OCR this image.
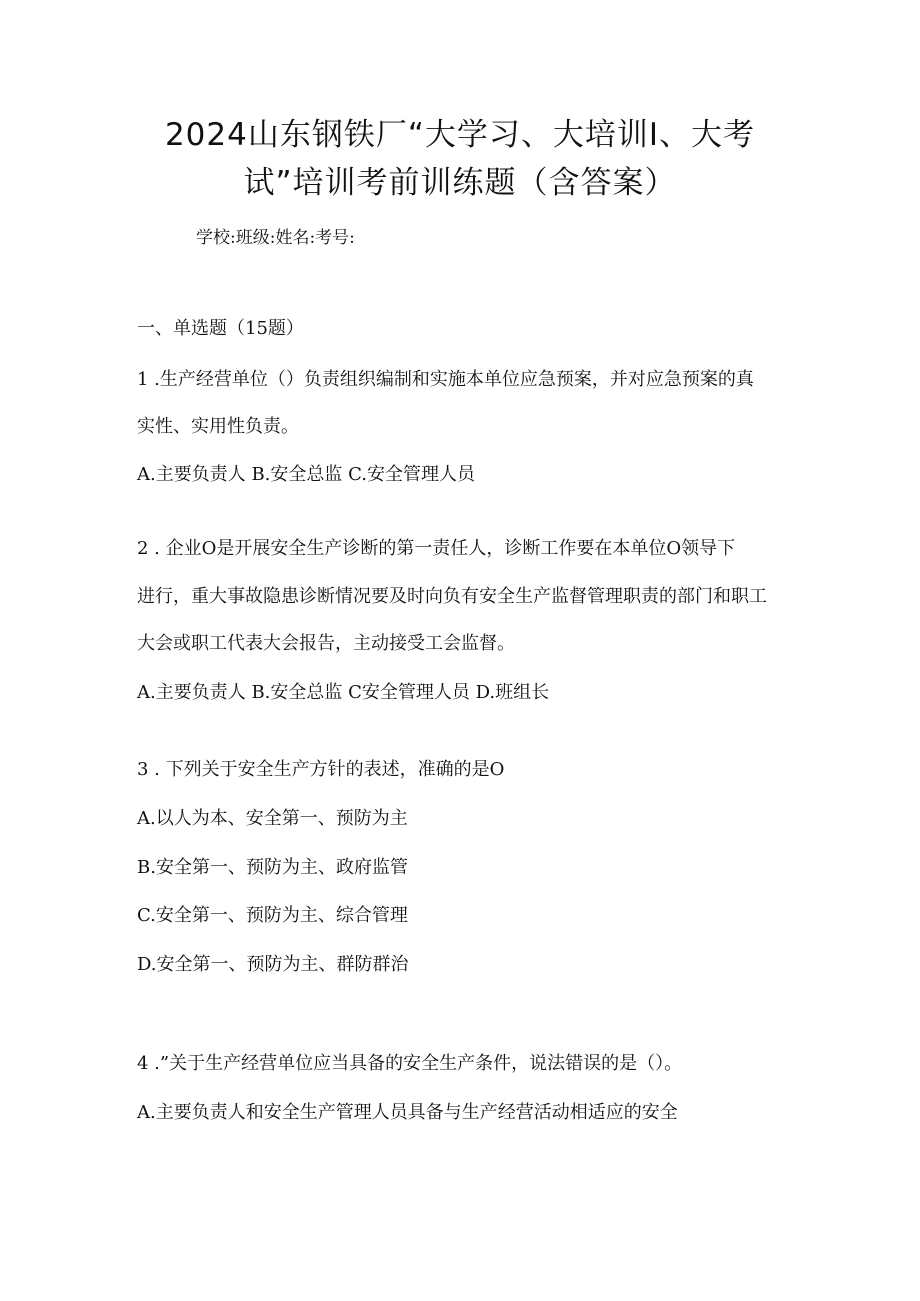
2024山东钢铁厂“大学习、大培训I、大考
试”培训考前训练题（含答案）
学校:班级:姓名:考号:
一、单选题（15题）
1 .生产经营单位（）负责组织编制和实施本单位应急预案，并对应急预案的真
实性、实用性负责。
A.主要负责人 B.安全总监 C.安全管理人员
2 . 企业O是开展安全生产诊断的第一责任人，诊断工作要在本单位O领导下
进行，重大事故隐患诊断情况要及时向负有安全生产监督管理职责的部门和职工
大会或职工代表大会报告，主动接受工会监督。
A.主要负责人 B.安全总监 C安全管理人员 D.班组长
3 . 下列关于安全生产方针的表述，准确的是O
A.以人为本、安全第一、预防为主
B.安全第一、预防为主、政府监管
C.安全第一、预防为主、综合管理
D.安全第一、预防为主、群防群治
4 .”关于生产经营单位应当具备的安全生产条件，说法错误的是（）。
A.主要负责人和安全生产管理人员具备与生产经营活动相适应的安全
